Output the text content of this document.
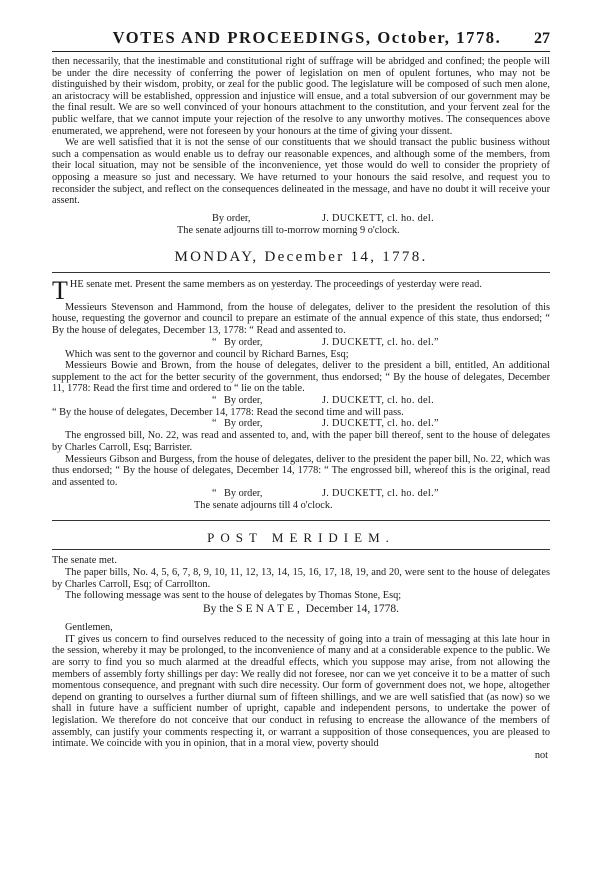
VOTES AND PROCEEDINGS, October, 1778.	27

then necessarily, that the inestimable and constitutional right of suffrage will be abridged and confined; the people will be under the dire necessity of conferring the power of legislation on men of opulent fortunes, who may not be distinguished by their wisdom, probity, or zeal for the public good. The legislature will be composed of such men alone, an aristocracy will be established, oppression and injustice will ensue, and a total subversion of our government may be the final result. We are so well convinced of your honours attachment to the constitution, and your fervent zeal for the public welfare, that we cannot impute your rejection of the resolve to any unworthy motives. The consequences above enumerated, we apprehend, were not foreseen by your honours at the time of giving your dissent.

We are well satisfied that it is not the sense of our constituents that we should transact the public business without such a compensation as would enable us to defray our reasonable expences, and although some of the members, from their local situation, may not be sensible of the inconvenience, yet those would do well to consider the propriety of opposing a measure so just and necessary. We have returned to your honours the said resolve, and request you to reconsider the subject, and reflect on the consequences delineated in the message, and have no doubt it will receive your assent.

By order,	J. DUCKETT, cl. ho. del.
The senate adjourns till to-morrow morning 9 o'clock.
MONDAY, December 14, 1778.

THE senate met. Present the same members as on yesterday. The proceedings of yesterday were read.

Messieurs Stevenson and Hammond, from the house of delegates, deliver to the president the resolution of this house, requesting the governor and council to prepare an estimate of the annual expence of this state, thus endorsed; “ By the house of delegates, December 13, 1778: “ Read and assented to.

“ By order,	J. DUCKETT, cl. ho. del.”

Which was sent to the governor and council by Richard Barnes, Esq;

Messieurs Bowie and Brown, from the house of delegates, deliver to the president a bill, entitled, An additional supplement to the act for the better security of the government, thus endorsed; “ By the house of delegates, December 11, 1778: Read the first time and ordered to “ lie on the table.

“ By order,	J. DUCKETT, cl. ho. del.

“ By the house of delegates, December 14, 1778: Read the second time and will pass.

“ By order,	J. DUCKETT, cl. ho. del.”

The engrossed bill, No. 22, was read and assented to, and, with the paper bill thereof, sent to the house of delegates by Charles Carroll, Esq; Barrister.

Messieurs Gibson and Burgess, from the house of delegates, deliver to the president the paper bill, No. 22, which was thus endorsed; “ By the house of delegates, December 14, 1778: “ The engrossed bill, whereof this is the original, read and assented to.

“ By order,	J. DUCKETT, cl. ho. del.”
The senate adjourns till 4 o'clock.
POST MERIDIEM.

The senate met.

The paper bills, No. 4, 5, 6, 7, 8, 9, 10, 11, 12, 13, 14, 15, 16, 17, 18, 19, and 20, were sent to the house of delegates by Charles Carroll, Esq; of Carrollton.

The following message was sent to the house of delegates by Thomas Stone, Esq;

By the SENATE, December 14, 1778.
Gentlemen,

IT gives us concern to find ourselves reduced to the necessity of going into a train of messaging at this late hour in the session, whereby it may be prolonged, to the inconvenience of many and at a considerable expence to the public. We are sorry to find you so much alarmed at the dreadful effects, which you suppose may arise, from not allowing the members of assembly forty shillings per day: We really did not foresee, nor can we yet conceive it to be a matter of such momentous consequence, and pregnant with such dire necessity. Our form of government does not, we hope, altogether depend on granting to ourselves a further diurnal sum of fifteen shillings, and we are well satisfied that (as now) so we shall in future have a sufficient number of upright, capable and independent persons, to undertake the power of legislation. We therefore do not conceive that our conduct in refusing to encrease the allowance of the members of assembly, can justify your comments respecting it, or warrant a supposition of those consequences, you are pleased to intimate. We coincide with you in opinion, that in a moral view, poverty should

not
